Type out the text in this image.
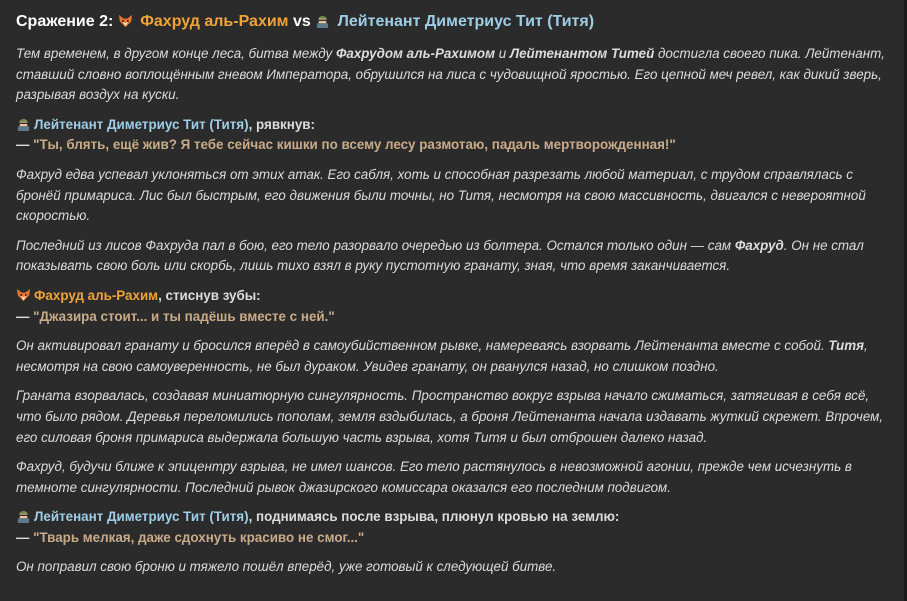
Сражение 2: Фахруд аль-Рахим vs Лейтенант Диметриус Тит (Титя)

Тем временем, в другом конце леса, битва между Фахрудом аль-Рахимом и Лейтенантом Титей достигла своего пика. Лейтенант, ставший словно воплощённым гневом Императора, обрушился на лиса с чудовищной яростью. Его цепной меч ревел, как дикий зверь, разрывая воздух на куски.

Лейтенант Диметриус Тит (Титя), рявкнув:
— "Ты, блять, ещё жив? Я тебе сейчас кишки по всему лесу размотаю, падаль мертворожденная!"

Фахруд едва успевал уклоняться от этих атак. Его сабля, хоть и способная разрезать любой материал, с трудом справлялась с бронёй примариса. Лис был быстрым, его движения были точны, но Титя, несмотря на свою массивность, двигался с невероятной скоростью.

Последний из лисов Фахруда пал в бою, его тело разорвало очередью из болтера. Остался только один — сам Фахруд. Он не стал показывать свою боль или скорбь, лишь тихо взял в руку пустотную гранату, зная, что время заканчивается.

Фахруд аль-Рахим, стиснув зубы:
— "Джазира стоит... и ты падёшь вместе с ней."

Он активировал гранату и бросился вперёд в самоубийственном рывке, намереваясь взорвать Лейтенанта вместе с собой. Титя, несмотря на свою самоуверенность, не был дураком. Увидев гранату, он рванулся назад, но слишком поздно.

Граната взорвалась, создавая миниатюрную сингулярность. Пространство вокруг взрыва начало сжиматься, затягивая в себя всё, что было рядом. Деревья переломились пополам, земля вздыбилась, а броня Лейтенанта начала издавать жуткий скрежет. Впрочем, его силовая броня примариса выдержала большую часть взрыва, хотя Титя и был отброшен далеко назад.

Фахруд, будучи ближе к эпицентру взрыва, не имел шансов. Его тело растянулось в невозможной агонии, прежде чем исчезнуть в темноте сингулярности. Последний рывок джазирского комиссара оказался его последним подвигом.

Лейтенант Диметриус Тит (Титя), поднимаясь после взрыва, плюнул кровью на землю:
— "Тварь мелкая, даже сдохнуть красиво не смог..."

Он поправил свою броню и тяжело пошёл вперёд, уже готовый к следующей битве.
